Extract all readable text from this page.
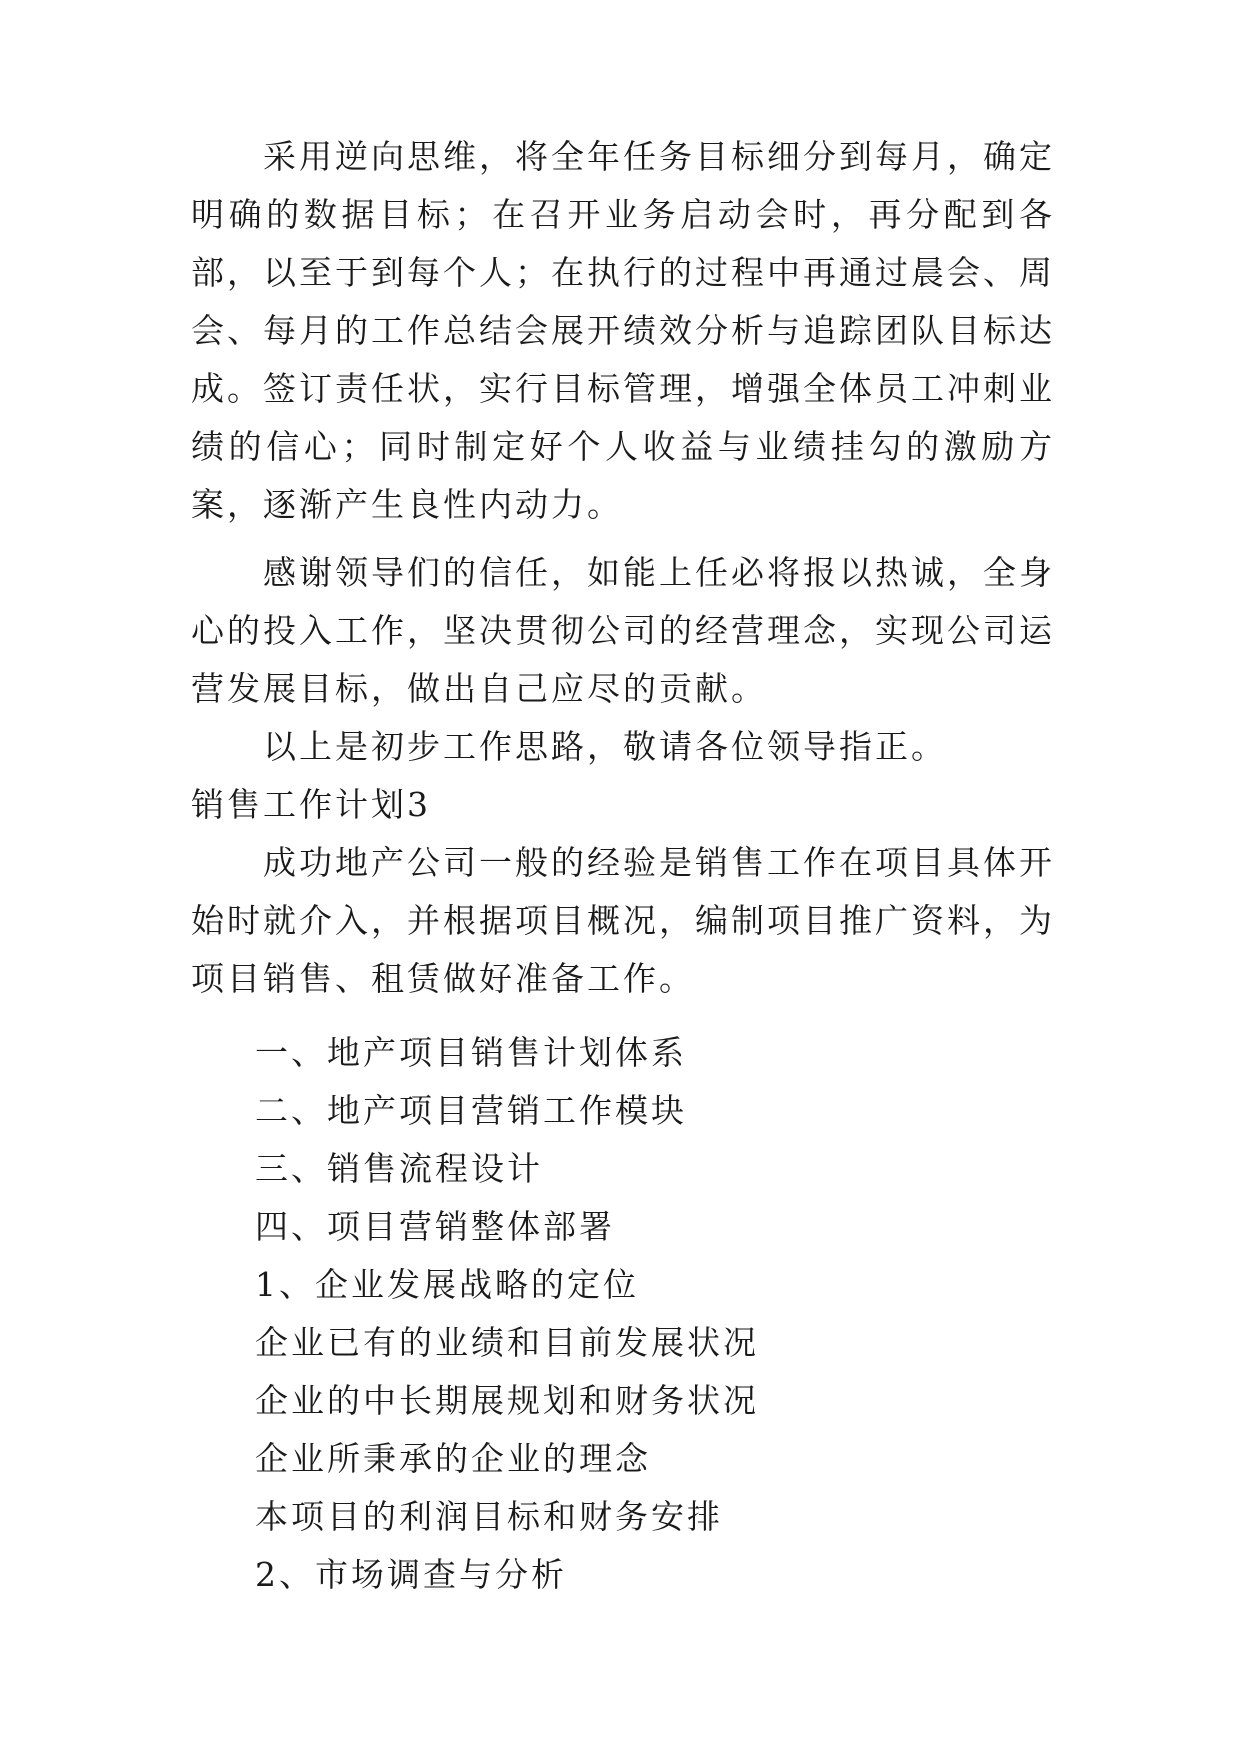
采用逆向思维，将全年任务目标细分到每月，确定明确的数据目标；在召开业务启动会时，再分配到各部，以至于到每个人；在执行的过程中再通过晨会、周会、每月的工作总结会展开绩效分析与追踪团队目标达成。签订责任状，实行目标管理，增强全体员工冲刺业绩的信心；同时制定好个人收益与业绩挂勾的激励方案，逐渐产生良性内动力。

感谢领导们的信任，如能上任必将报以热诚，全身心的投入工作，坚决贯彻公司的经营理念，实现公司运营发展目标，做出自己应尽的贡献。

以上是初步工作思路，敬请各位领导指正。

销售工作计划3

成功地产公司一般的经验是销售工作在项目具体开始时就介入，并根据项目概况，编制项目推广资料，为项目销售、租赁做好准备工作。

一、地产项目销售计划体系

二、地产项目营销工作模块

三、销售流程设计

四、项目营销整体部署

1、企业发展战略的定位

企业已有的业绩和目前发展状况

企业的中长期展规划和财务状况

企业所秉承的企业的理念

本项目的利润目标和财务安排

2、市场调查与分析
